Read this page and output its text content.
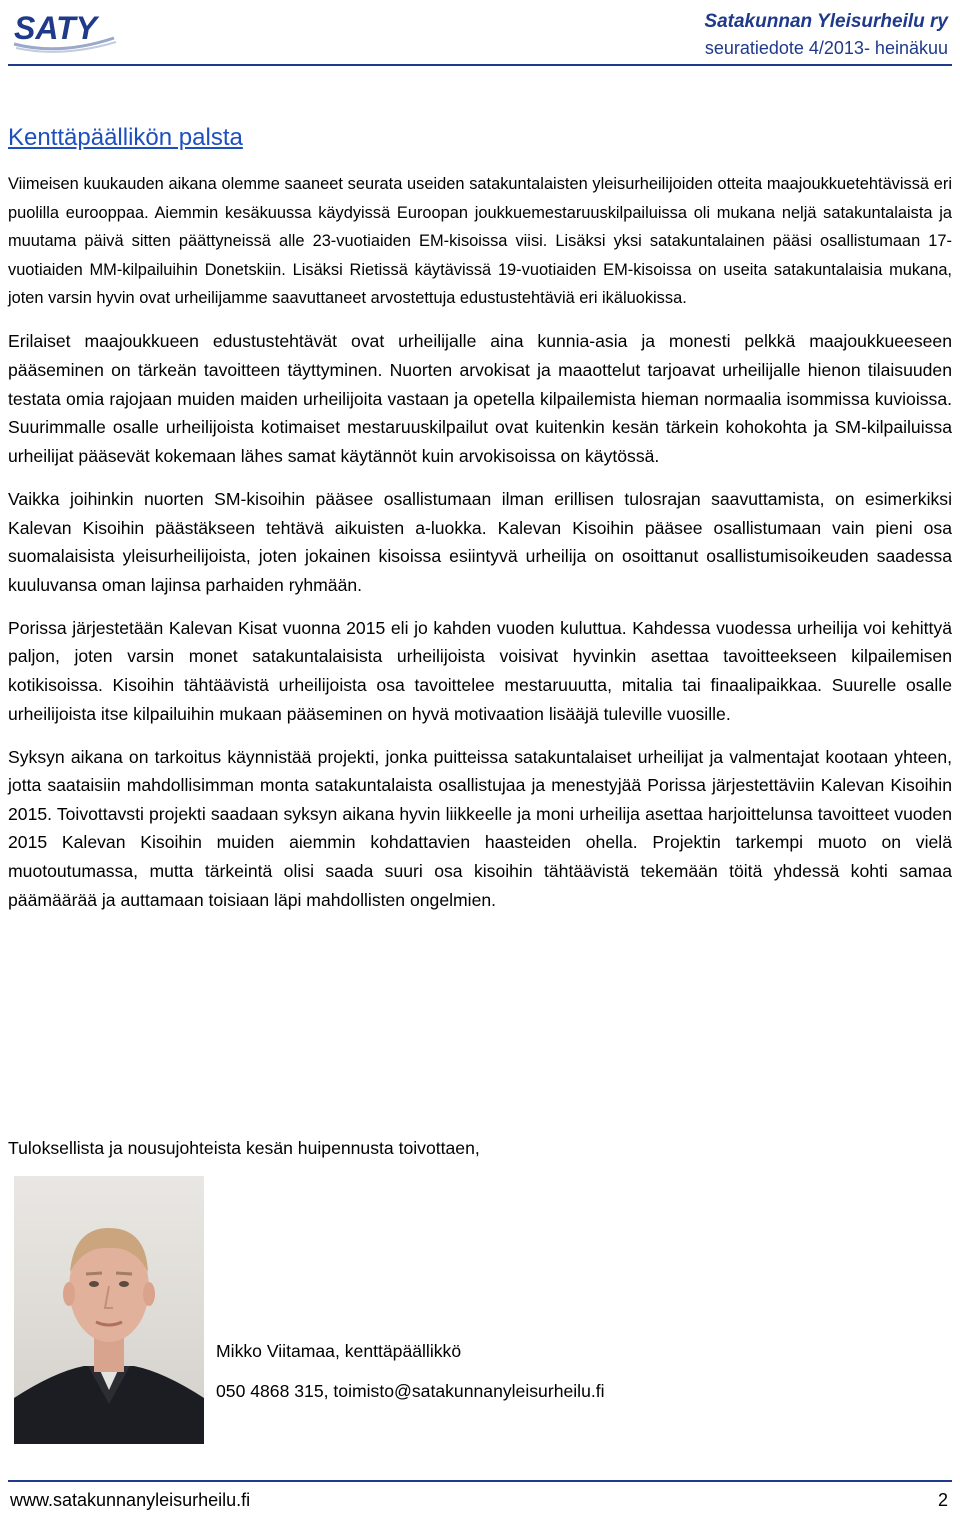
SATY	Satakunnan Yleisurheilu ry
seuratiedote 4/2013- heinäkuu
Kenttäpäällikön palsta

Viimeisen kuukauden aikana olemme saaneet seurata useiden satakuntalaisten yleisurheilijoiden otteita maajoukkuetehtävissä eri puolilla eurooppaa. Aiemmin kesäkuussa käydyissä Euroopan joukkuemestaruuskilpailuissa oli mukana neljä satakuntalaista ja muutama päivä sitten päättyneissä alle 23-vuotiaiden EM-kisoissa viisi. Lisäksi yksi satakuntalainen pääsi osallistumaan 17-vuotiaiden MM-kilpailuihin Donetskiin. Lisäksi Rietissä käytävissä 19-vuotiaiden EM-kisoissa on useita satakuntalaisia mukana, joten varsin hyvin ovat urheilijamme saavuttaneet arvostettuja edustustehtäviä eri ikäluokissa.

Erilaiset maajoukkueen edustustehtävät ovat urheilijalle aina kunnia-asia ja monesti pelkkä maajoukkueeseen pääseminen on tärkeän tavoitteen täyttyminen. Nuorten arvokisat ja maaottelut tarjoavat urheilijalle hienon tilaisuuden testata omia rajojaan muiden maiden urheilijoita vastaan ja opetella kilpailemista hieman normaalia isommissa kuvioissa. Suurimmalle osalle urheilijoista kotimaiset mestaruuskilpailut ovat kuitenkin kesän tärkein kohokohta ja SM-kilpailuissa urheilijat pääsevät kokemaan lähes samat käytännöt kuin arvokisoissa on käytössä.

Vaikka joihinkin nuorten SM-kisoihin pääsee osallistumaan ilman erillisen tulosrajan saavuttamista, on esimerkiksi Kalevan Kisoihin päästäkseen tehtävä aikuisten a-luokka. Kalevan Kisoihin pääsee osallistumaan vain pieni osa suomalaisista yleisurheilijoista, joten jokainen kisoissa esiintyvä urheilija on osoittanut osallistumisoikeuden saadessa kuuluvansa oman lajinsa parhaiden ryhmään.

Porissa järjestetään Kalevan Kisat vuonna 2015 eli jo kahden vuoden kuluttua. Kahdessa vuodessa urheilija voi kehittyä paljon, joten varsin monet satakuntalaisista urheilijoista voisivat hyvinkin asettaa tavoitteekseen kilpailemisen kotikisoissa. Kisoihin tähtäävistä urheilijoista osa tavoittelee mestaruuutta, mitalia tai finaalipaikkaa. Suurelle osalle urheilijoista itse kilpailuihin mukaan pääseminen on hyvä motivaation lisääjä tuleville vuosille.

Syksyn aikana on tarkoitus käynnistää projekti, jonka puitteissa satakuntalaiset urheilijat ja valmentajat kootaan yhteen, jotta saataisiin mahdollisimman monta satakuntalaista osallistujaa ja menestyjää Porissa järjestettäviin Kalevan Kisoihin 2015. Toivottavsti projekti saadaan syksyn aikana hyvin liikkeelle ja moni urheilija asettaa harjoittelunsa tavoitteet vuoden 2015 Kalevan Kisoihin muiden aiemmin kohdattavien haasteiden ohella. Projektin tarkempi muoto on vielä muotoutumassa, mutta tärkeintä olisi saada suuri osa kisoihin tähtäävistä tekemään töitä yhdessä kohti samaa päämäärää ja auttamaan toisiaan läpi mahdollisten ongelmien.

Tuloksellista ja nousujohteista kesän huipennusta toivottaen,

Mikko Viitamaa, kenttäpäällikkö
050 4868 315, toimisto@satakunnanyleisurheilu.fi
www.satakunnanyleisurheilu.fi	2
